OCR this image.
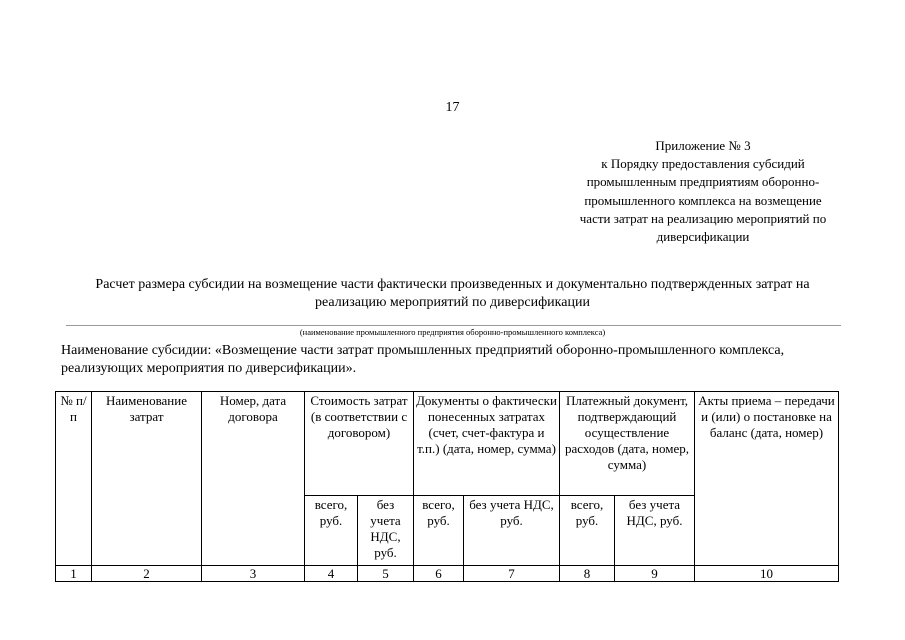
17
Приложение № 3
к Порядку предоставления субсидий
промышленным предприятиям оборонно-
промышленного комплекса на возмещение
части затрат на реализацию мероприятий по
диверсификации
Расчет размера субсидии на возмещение части фактически произведенных и документально подтвержденных затрат на
реализацию мероприятий по диверсификации
(наименование промышленного предприятия оборонно-промышленного комплекса)
Наименование субсидии: «Возмещение части затрат промышленных предприятий оборонно-промышленного комплекса,
реализующих мероприятия по диверсификации».
№ п/п	Наименование затрат	Номер, дата договора	Стоимость затрат (в соответствии с договором)		Документы о фактически понесенных затратах (счет, счет-фактура и т.п.) (дата, номер, сумма)		Платежный документ, подтверждающий осуществление расходов (дата, номер, сумма)		Акты приема – передачи и (или) о постановке на баланс (дата, номер)
			всего, руб.	без учета НДС, руб.	всего, руб.	без учета НДС, руб.	всего, руб.	без учета НДС, руб.	
1	2	3	4	5	6	7	8	9	10
